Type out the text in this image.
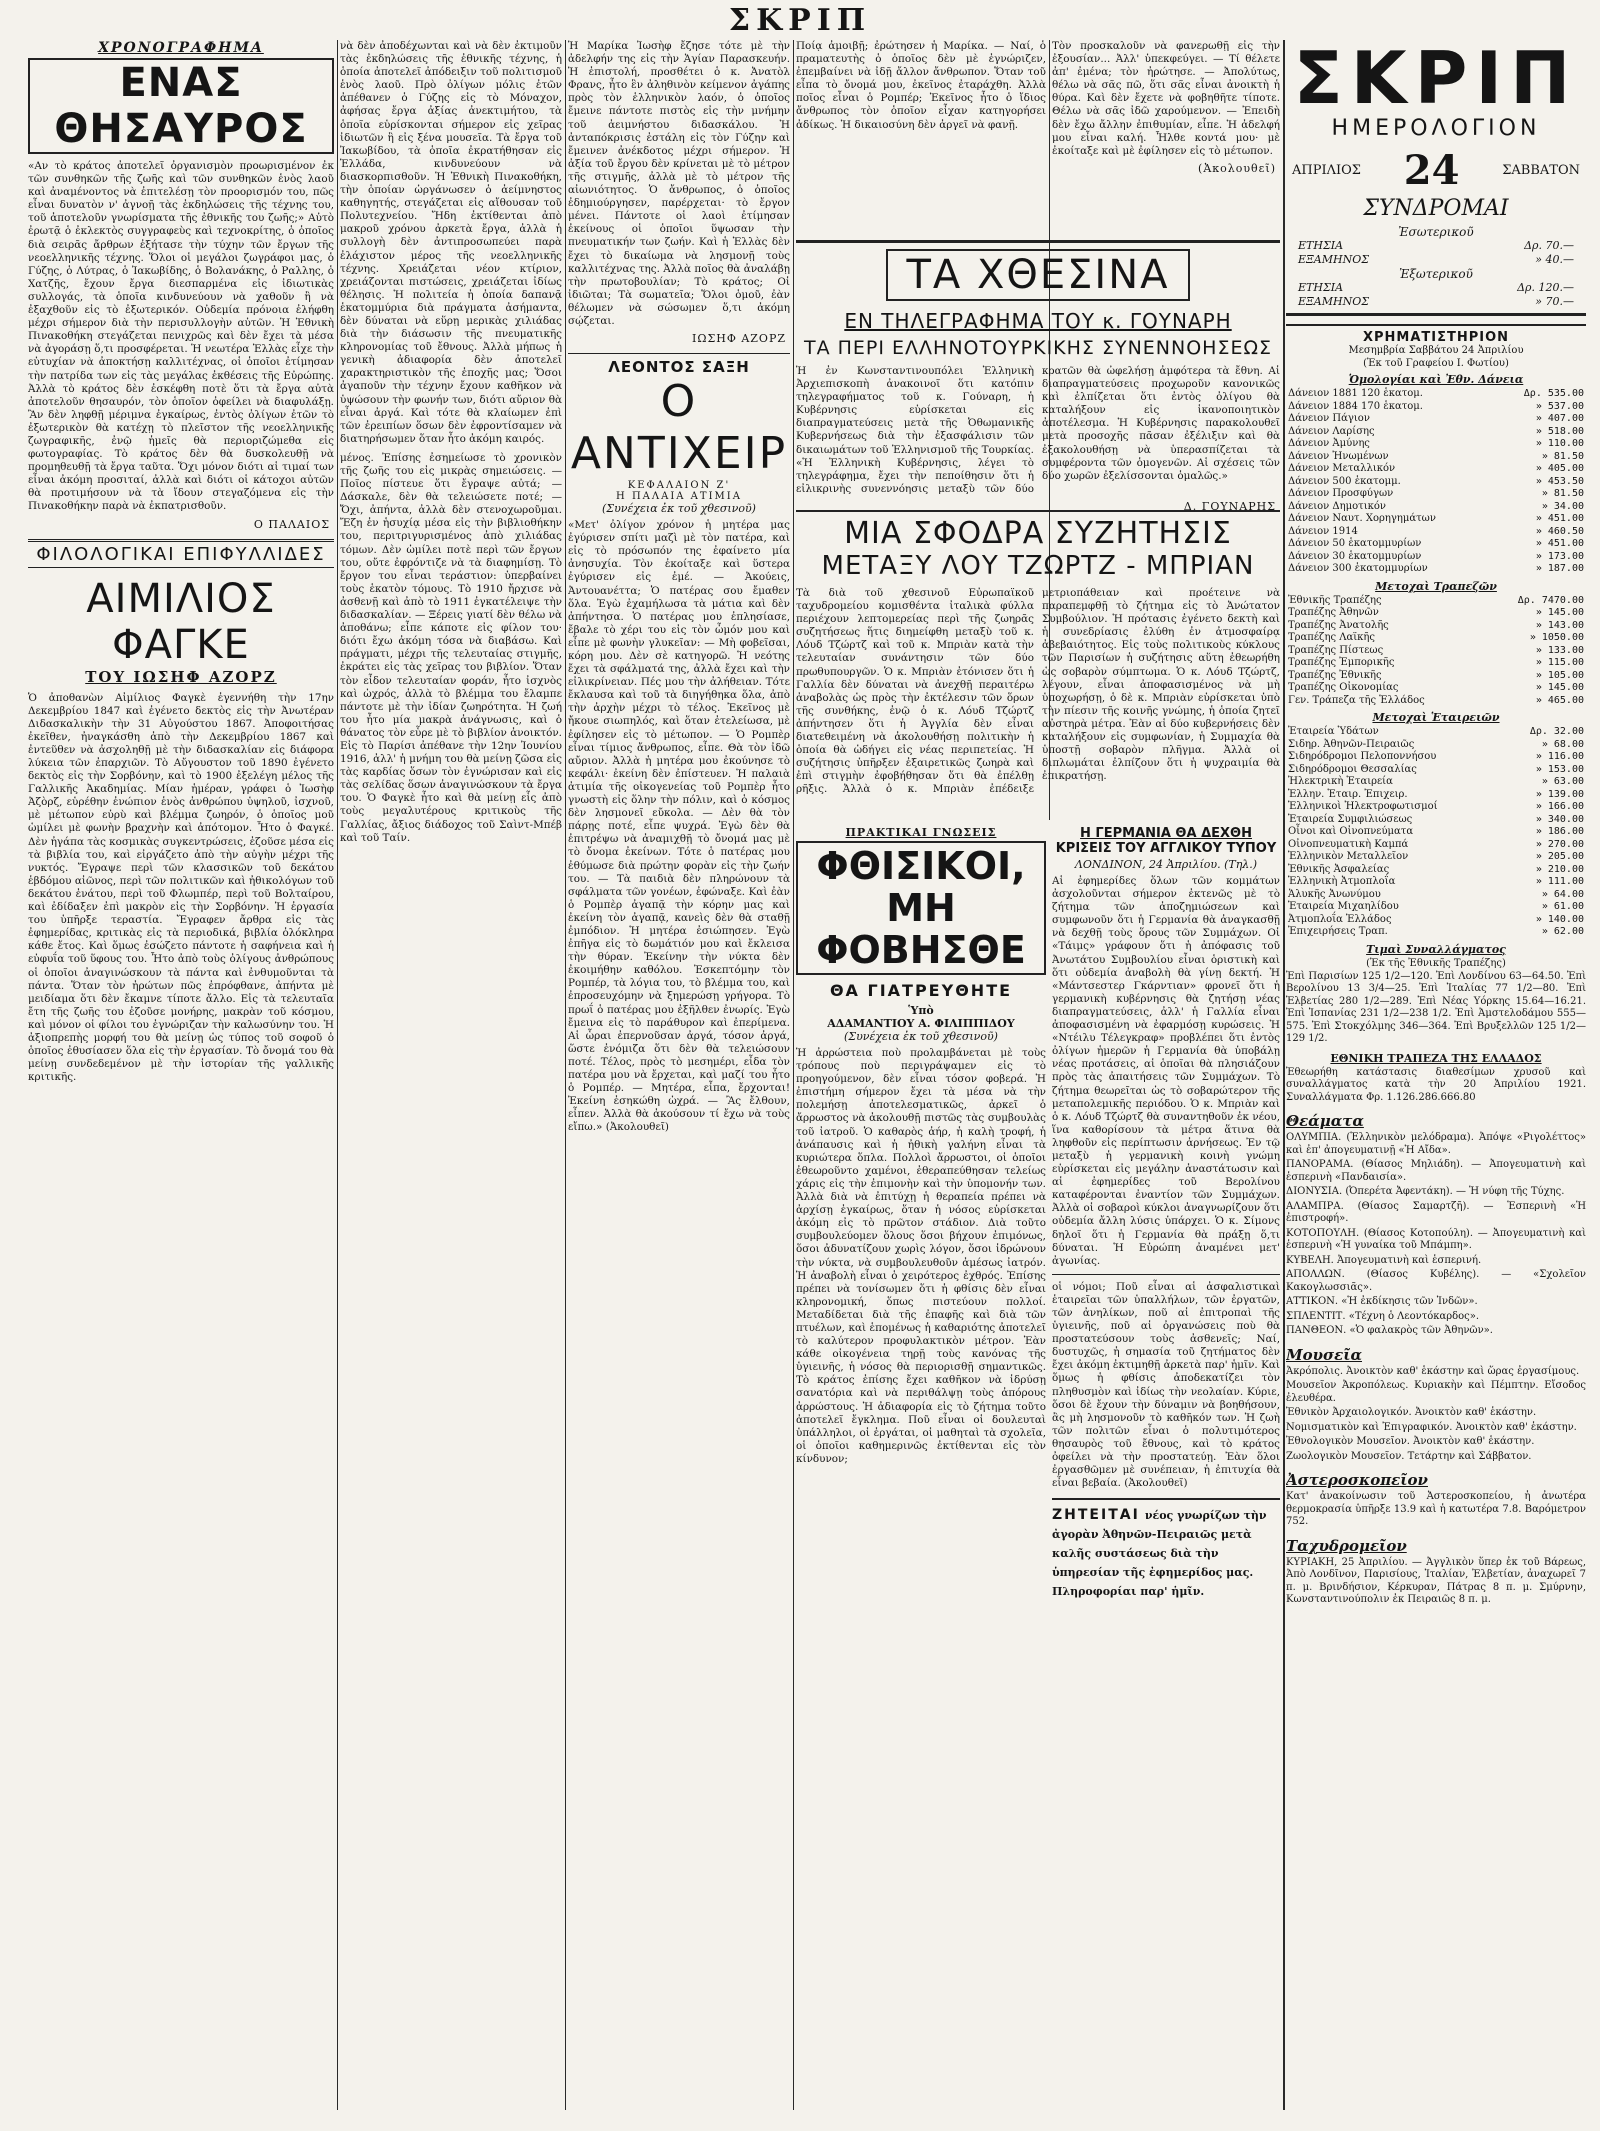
ΣΚΡΙΠ

ΧΡΟΝΟΓΡΑΦΗΜΑ

ΕΝΑΣ ΘΗΣΑΥΡΟΣ

«Αν τὸ κράτος ἀποτελεῖ ὀργανισμὸν προωρισμένον ἐκ τῶν συνθηκῶν τῆς ζωῆς καὶ τῶν συνθηκῶν ἑνὸς λαοῦ καὶ ἀναμένοντος νὰ ἐπιτελέσῃ τὸν προορισμόν του, πῶς εἶναι δυνατὸν ν' ἀγνοῇ τὰς ἐκδηλώσεις τῆς τέχνης του, τοῦ ἀποτελοῦν γνωρίσματα τῆς ἐθνικῆς του ζωῆς;» Αὐτὸ ἐρωτᾷ ὁ ἐκλεκτὸς συγγραφεὺς καὶ τεχνοκρίτης, ὁ ὁποῖος διὰ σειρᾶς ἄρθρων ἐξήτασε τὴν τύχην τῶν ἔργων τῆς νεοελληνικῆς τέχνης. Ὅλοι οἱ μεγάλοι ζωγράφοι μας, ὁ Γύζης, ὁ Λύτρας, ὁ Ἰακωβίδης, ὁ Βολανάκης, ὁ Ραλλης, ὁ Χατζῆς, ἔχουν ἔργα διεσπαρμένα εἰς ἰδιωτικὰς συλλογάς, τὰ ὁποῖα κινδυνεύουν νὰ χαθοῦν ἢ νὰ ἐξαχθοῦν εἰς τὸ ἐξωτερικόν. Οὐδεμία πρόνοια ἐλήφθη μέχρι σήμερον διὰ τὴν περισυλλογὴν αὐτῶν. Ἡ Ἐθνικὴ Πινακοθήκη στεγάζεται πενιχρῶς καὶ δὲν ἔχει τὰ μέσα νὰ ἀγοράσῃ ὅ,τι προσφέρεται. Ἡ νεωτέρα Ἑλλὰς εἶχε τὴν εὐτυχίαν νὰ ἀποκτήσῃ καλλιτέχνας, οἱ ὁποῖοι ἐτίμησαν τὴν πατρίδα των εἰς τὰς μεγάλας ἐκθέσεις τῆς Εὐρώπης. Ἀλλὰ τὸ κράτος δὲν ἐσκέφθη ποτὲ ὅτι τὰ ἔργα αὐτὰ ἀποτελοῦν θησαυρόν, τὸν ὁποῖον ὀφείλει νὰ διαφυλάξῃ. Ἂν δὲν ληφθῇ μέριμνα ἐγκαίρως, ἐντὸς ὀλίγων ἐτῶν τὸ ἐξωτερικὸν θὰ κατέχῃ τὸ πλεῖστον τῆς νεοελληνικῆς ζωγραφικῆς, ἐνῷ ἡμεῖς θὰ περιοριζώμεθα εἰς φωτογραφίας. Τὸ κράτος δὲν θὰ δυσκολευθῇ νὰ προμηθευθῇ τὰ ἔργα ταῦτα. Ὅχι μόνον διότι αἱ τιμαί των εἶναι ἀκόμη προσιταί, ἀλλὰ καὶ διότι οἱ κάτοχοι αὐτῶν θὰ προτιμήσουν νὰ τὰ ἴδουν στεγαζόμενα εἰς τὴν Πινακοθήκην παρὰ νὰ ἐκπατρισθοῦν.

Ο ΠΑΛΑΙΟΣ

ΦΙΛΟΛΟΓΙΚΑΙ ΕΠΙΦΥΛΛΙΔΕΣ
ΑΙΜΙΛΙΟΣ ΦΑΓΚΕ

ΤΟΥ ΙΩΣΗΦ ΑΖΟΡΖ

Ὁ ἀποθανὼν Αἰμίλιος Φαγκὲ ἐγεννήθη τὴν 17ην Δεκεμβρίου 1847 καὶ ἐγένετο δεκτὸς εἰς τὴν Ἀνωτέραν Διδασκαλικὴν τὴν 31 Αὐγούστου 1867. Ἀποφοιτήσας ἐκεῖθεν, ἠναγκάσθη ἀπὸ τὴν Δεκεμβρίου 1867 καὶ ἐντεῦθεν νὰ ἀσχοληθῇ μὲ τὴν διδασκαλίαν εἰς διάφορα λύκεια τῶν ἐπαρχιῶν. Τὸ Αὔγουστον τοῦ 1890 ἐγένετο δεκτὸς εἰς τὴν Σορβόνην, καὶ τὸ 1900 ἐξελέγη μέλος τῆς Γαλλικῆς Ἀκαδημίας. Μίαν ἡμέραν, γράφει ὁ Ἰωσὴφ Ἀζὸρζ, εὑρέθην ἐνώπιον ἑνὸς ἀνθρώπου ὑψηλοῦ, ἰσχνοῦ, μὲ μέτωπον εὐρὺ καὶ βλέμμα ζωηρόν, ὁ ὁποῖος μοῦ ὡμίλει μὲ φωνὴν βραχνὴν καὶ ἀπότομον. Ἦτο ὁ Φαγκέ. Δὲν ἠγάπα τὰς κοσμικὰς συγκεντρώσεις, ἐζοῦσε μέσα εἰς τὰ βιβλία του, καὶ εἰργάζετο ἀπὸ τὴν αὐγὴν μέχρι τῆς νυκτός. Ἔγραψε περὶ τῶν κλασσικῶν τοῦ δεκάτου ἑβδόμου αἰῶνος, περὶ τῶν πολιτικῶν καὶ ἠθικολόγων τοῦ δεκάτου ἐνάτου, περὶ τοῦ Φλωμπέρ, περὶ τοῦ Βολταίρου, καὶ ἐδίδαξεν ἐπὶ μακρὸν εἰς τὴν Σορβόνην. Ἡ ἐργασία του ὑπῆρξε τεραστία. Ἔγραφεν ἄρθρα εἰς τὰς ἐφημερίδας, κριτικὰς εἰς τὰ περιοδικά, βιβλία ὁλόκληρα κάθε ἔτος. Καὶ ὅμως ἐσώζετο πάντοτε ἡ σαφήνεια καὶ ἡ εὐφυΐα τοῦ ὕφους του. Ἦτο ἀπὸ τοὺς ὀλίγους ἀνθρώπους οἱ ὁποῖοι ἀναγινώσκουν τὰ πάντα καὶ ἐνθυμοῦνται τὰ πάντα. Ὅταν τὸν ἠρώτων πῶς ἐπρόφθανε, ἀπήντα μὲ μειδίαμα ὅτι δὲν ἔκαμνε τίποτε ἄλλο. Εἰς τὰ τελευταῖα ἔτη τῆς ζωῆς του ἐζοῦσε μονήρης, μακρὰν τοῦ κόσμου, καὶ μόνον οἱ φίλοι του ἐγνώριζαν τὴν καλωσύνην του. Ἡ ἀξιοπρεπὴς μορφή του θὰ μείνῃ ὡς τύπος τοῦ σοφοῦ ὁ ὁποῖος ἐθυσίασεν ὅλα εἰς τὴν ἐργασίαν. Τὸ ὄνομά του θὰ μείνῃ συνδεδεμένον μὲ τὴν ἱστορίαν τῆς γαλλικῆς κριτικῆς.

νὰ δὲν ἀποδέχωνται καὶ νὰ δὲν ἐκτιμοῦν τὰς ἐκδηλώσεις τῆς ἐθνικῆς τέχνης, ἡ ὁποία ἀποτελεῖ ἀπόδειξιν τοῦ πολιτισμοῦ ἑνὸς λαοῦ. Πρὸ ὀλίγων μόλις ἐτῶν ἀπέθανεν ὁ Γύζης εἰς τὸ Μόναχον, ἀφήσας ἔργα ἀξίας ἀνεκτιμήτου, τὰ ὁποῖα εὑρίσκονται σήμερον εἰς χεῖρας ἰδιωτῶν ἢ εἰς ξένα μουσεῖα. Τὰ ἔργα τοῦ Ἰακωβίδου, τὰ ὁποῖα ἐκρατήθησαν εἰς Ἑλλάδα, κινδυνεύουν νὰ διασκορπισθοῦν. Ἡ Ἐθνικὴ Πινακοθήκη, τὴν ὁποίαν ὠργάνωσεν ὁ ἀείμνηστος καθηγητής, στεγάζεται εἰς αἴθουσαν τοῦ Πολυτεχνείου. Ἤδη ἐκτίθενται ἀπὸ μακροῦ χρόνου ἀρκετὰ ἔργα, ἀλλὰ ἡ συλλογὴ δὲν ἀντιπροσωπεύει παρὰ ἐλάχιστον μέρος τῆς νεοελληνικῆς τέχνης. Χρειάζεται νέον κτίριον, χρειάζονται πιστώσεις, χρειάζεται ἰδίως θέλησις. Ἡ πολιτεία ἡ ὁποία δαπανᾷ ἑκατομμύρια διὰ πράγματα ἀσήμαντα, δὲν δύναται νὰ εὕρῃ μερικὰς χιλιάδας διὰ τὴν διάσωσιν τῆς πνευματικῆς κληρονομίας τοῦ ἔθνους. Ἀλλὰ μήπως ἡ γενικὴ ἀδιαφορία δὲν ἀποτελεῖ χαρακτηριστικὸν τῆς ἐποχῆς μας; Ὅσοι ἀγαποῦν τὴν τέχνην ἔχουν καθῆκον νὰ ὑψώσουν τὴν φωνήν των, διότι αὔριον θὰ εἶναι ἀργά. Καὶ τότε θὰ κλαίωμεν ἐπὶ τῶν ἐρειπίων ὅσων δὲν ἐφροντίσαμεν νὰ διατηρήσωμεν ὅταν ἦτο ἀκόμη καιρός.

μένος. Ἐπίσης ἐσημείωσε τὸ χρονικὸν τῆς ζωῆς του εἰς μικρὰς σημειώσεις. — Ποῖος πίστευε ὅτι ἔγραψε αὐτά; — Δάσκαλε, δὲν θὰ τελειώσετε ποτέ; — Ὄχι, ἀπήντα, ἀλλὰ δὲν στενοχωροῦμαι. Ἔζη ἐν ἡσυχίᾳ μέσα εἰς τὴν βιβλιοθήκην του, περιτριγυρισμένος ἀπὸ χιλιάδας τόμων. Δὲν ὡμίλει ποτὲ περὶ τῶν ἔργων του, οὔτε ἐφρόντιζε νὰ τὰ διαφημίσῃ. Τὸ ἔργον του εἶναι τεράστιον: ὑπερβαίνει τοὺς ἑκατὸν τόμους. Τὸ 1910 ἤρχισε νὰ ἀσθενῇ καὶ ἀπὸ τὸ 1911 ἐγκατέλειψε τὴν διδασκαλίαν. — Ξέρεις γιατί δὲν θέλω νὰ ἀποθάνω; εἶπε κάποτε εἰς φίλον του· διότι ἔχω ἀκόμη τόσα νὰ διαβάσω. Καὶ πράγματι, μέχρι τῆς τελευταίας στιγμῆς, ἐκράτει εἰς τὰς χεῖρας του βιβλίον. Ὅταν τὸν εἶδον τελευταίαν φοράν, ἦτο ἰσχνὸς καὶ ὠχρός, ἀλλὰ τὸ βλέμμα του ἔλαμπε πάντοτε μὲ τὴν ἰδίαν ζωηρότητα. Ἡ ζωή του ἦτο μία μακρὰ ἀνάγνωσις, καὶ ὁ θάνατος τὸν εὗρε μὲ τὸ βιβλίον ἀνοικτόν. Εἰς τὸ Παρίσι ἀπέθανε τὴν 12ην Ἰουνίου 1916, ἀλλ' ἡ μνήμη του θὰ μείνῃ ζῶσα εἰς τὰς καρδίας ὅσων τὸν ἐγνώρισαν καὶ εἰς τὰς σελίδας ὅσων ἀναγινώσκουν τὰ ἔργα του. Ὁ Φαγκὲ ἦτο καὶ θὰ μείνῃ εἷς ἀπὸ τοὺς μεγαλυτέρους κριτικοὺς τῆς Γαλλίας, ἄξιος διάδοχος τοῦ Σαὶντ-Μπέβ καὶ τοῦ Ταίν.

Ἡ Μαρίκα Ἰωσὴφ ἔζησε τότε μὲ τὴν ἀδελφήν της εἰς τὴν Ἁγίαν Παρασκευήν. Ἡ ἐπιστολή, προσθέτει ὁ κ. Ἀνατὸλ Φρανς, ἦτο ἓν ἀληθινὸν κείμενον ἀγάπης πρὸς τὸν ἑλληνικὸν λαόν, ὁ ὁποῖος ἔμεινε πάντοτε πιστὸς εἰς τὴν μνήμην τοῦ ἀειμνήστου διδασκάλου. Ἡ ἀνταπόκρισις ἐστάλη εἰς τὸν Γύζην καὶ ἔμεινεν ἀνέκδοτος μέχρι σήμερον. Ἡ ἀξία τοῦ ἔργου δὲν κρίνεται μὲ τὸ μέτρον τῆς στιγμῆς, ἀλλὰ μὲ τὸ μέτρον τῆς αἰωνιότητος. Ὁ ἄνθρωπος, ὁ ὁποῖος ἐδημιούργησεν, παρέρχεται· τὸ ἔργον μένει. Πάντοτε οἱ λαοὶ ἐτίμησαν ἐκείνους οἱ ὁποῖοι ὕψωσαν τὴν πνευματικήν των ζωήν. Καὶ ἡ Ἑλλὰς δὲν ἔχει τὸ δικαίωμα νὰ λησμονῇ τοὺς καλλιτέχνας της. Ἀλλὰ ποῖος θὰ ἀναλάβῃ τὴν πρωτοβουλίαν; Τὸ κράτος; Οἱ ἰδιῶται; Τὰ σωματεῖα; Ὅλοι ὁμοῦ, ἐὰν θέλωμεν νὰ σώσωμεν ὅ,τι ἀκόμη σῴζεται.

ΙΩΣΗΦ ΑΖΟΡΖ

ΛΕΟΝΤΟΣ ΣΑΞΗ
Ο ΑΝΤΙΧΕΙΡ

ΚΕΦΑΛΑΙΟΝ Ζ'

Η ΠΑΛΑΙΑ ΑΤΙΜΙΑ

(Συνέχεια ἐκ τοῦ χθεσινοῦ)

«Μετ' ὀλίγον χρόνον ἡ μητέρα μας ἐγύρισεν σπίτι μαζὶ μὲ τὸν πατέρα, καὶ εἰς τὸ πρόσωπόν της ἐφαίνετο μία ἀνησυχία. Τὸν ἐκοίταξε καὶ ὕστερα ἐγύρισεν εἰς ἐμέ. — Ἀκούεις, Ἀντουανέττα; Ὁ πατέρας σου ἔμαθεν ὅλα. Ἐγὼ ἐχαμήλωσα τὰ μάτια καὶ δὲν ἀπήντησα. Ὁ πατέρας μου ἐπλησίασε, ἔβαλε τὸ χέρι του εἰς τὸν ὦμόν μου καὶ εἶπε μὲ φωνὴν γλυκεῖαν: — Μὴ φοβεῖσαι, κόρη μου. Δὲν σὲ κατηγορῶ. Ἡ νεότης ἔχει τὰ σφάλματά της, ἀλλὰ ἔχει καὶ τὴν εἰλικρίνειαν. Πές μου τὴν ἀλήθειαν. Τότε ἔκλαυσα καὶ τοῦ τὰ διηγήθηκα ὅλα, ἀπὸ τὴν ἀρχὴν μέχρι τὸ τέλος. Ἐκεῖνος μὲ ἤκουε σιωπηλός, καὶ ὅταν ἐτελείωσα, μὲ ἐφίλησεν εἰς τὸ μέτωπον. — Ὁ Ρομπὲρ εἶναι τίμιος ἄνθρωπος, εἶπε. Θὰ τὸν ἰδῶ αὔριον. Ἀλλὰ ἡ μητέρα μου ἐκούνησε τὸ κεφάλι· ἐκείνη δὲν ἐπίστευεν. Ἡ παλαιὰ ἀτιμία τῆς οἰκογενείας τοῦ Ρομπὲρ ἦτο γνωστὴ εἰς ὅλην τὴν πόλιν, καὶ ὁ κόσμος δὲν λησμονεῖ εὔκολα. — Δὲν θὰ τὸν πάρῃς ποτέ, εἶπε ψυχρά. Ἐγὼ δὲν θὰ ἐπιτρέψω νὰ ἀναμιχθῇ τὸ ὄνομά μας μὲ τὸ ὄνομα ἐκείνων. Τότε ὁ πατέρας μου ἐθύμωσε διὰ πρώτην φορὰν εἰς τὴν ζωήν του. — Τὰ παιδιὰ δὲν πληρώνουν τὰ σφάλματα τῶν γονέων, ἐφώναξε. Καὶ ἐὰν ὁ Ρομπὲρ ἀγαπᾷ τὴν κόρην μας καὶ ἐκείνη τὸν ἀγαπᾷ, κανεὶς δὲν θὰ σταθῇ ἐμπόδιον. Ἡ μητέρα ἐσιώπησεν. Ἐγὼ ἐπῆγα εἰς τὸ δωμάτιόν μου καὶ ἔκλεισα τὴν θύραν. Ἐκείνην τὴν νύκτα δὲν ἐκοιμήθην καθόλου. Ἐσκεπτόμην τὸν Ρομπέρ, τὰ λόγια του, τὸ βλέμμα του, καὶ ἐπροσευχόμην νὰ ξημερώσῃ γρήγορα. Τὸ πρωΐ ὁ πατέρας μου ἐξῆλθεν ἐνωρίς. Ἐγὼ ἔμεινα εἰς τὸ παράθυρον καὶ ἐπερίμενα. Αἱ ὧραι ἐπερνοῦσαν ἀργά, τόσον ἀργά, ὥστε ἐνόμιζα ὅτι δὲν θὰ τελειώσουν ποτέ. Τέλος, πρὸς τὸ μεσημέρι, εἶδα τὸν πατέρα μου νὰ ἔρχεται, καὶ μαζί του ἦτο ὁ Ρομπέρ. — Μητέρα, εἶπα, ἔρχονται! Ἐκείνη ἐσηκώθη ὠχρά. — Ἂς ἔλθουν, εἶπεν. Ἀλλὰ θὰ ἀκούσουν τί ἔχω νὰ τοὺς εἴπω.» (Ἀκολουθεῖ)

Ποίᾳ ἀμοιβῇ; ἐρώτησεν ἡ Μαρίκα. — Ναί, ὁ πραματευτὴς ὁ ὁποῖος δὲν μὲ ἐγνώριζεν, ἐπεμβαίνει νὰ ἰδῇ ἄλλον ἄνθρωπον. Ὅταν τοῦ εἶπα τὸ ὄνομά μου, ἐκεῖνος ἐταράχθη. Ἀλλὰ ποῖος εἶναι ὁ Ρομπέρ; Ἐκεῖνος ἦτο ὁ ἴδιος ἄνθρωπος τὸν ὁποῖον εἶχαν κατηγορήσει ἀδίκως. Ἡ δικαιοσύνη δὲν ἀργεῖ νὰ φανῇ.

Τὸν προσκαλοῦν νὰ φανερωθῇ εἰς τὴν ἐξουσίαν... Ἀλλ' ὑπεκφεύγει. — Τί θέλετε ἀπ' ἐμένα; τὸν ἠρώτησε. — Ἀπολύτως, θέλω νὰ σᾶς πῶ, ὅτι σᾶς εἶναι ἀνοικτὴ ἡ θύρα. Καὶ δὲν ἔχετε νὰ φοβηθῆτε τίποτε. Θέλω νὰ σᾶς ἰδῶ χαρούμενον. — Ἐπειδὴ δὲν ἔχω ἄλλην ἐπιθυμίαν, εἶπε. Ἡ ἀδελφή μου εἶναι καλή. Ἦλθε κοντά μου· μὲ ἐκοίταξε καὶ μὲ ἐφίλησεν εἰς τὸ μέτωπον.

(Ἀκολουθεῖ)

ΤΑ ΧΘΕΣΙΝΑ
ΕΝ ΤΗΛΕΓΡΑΦΗΜΑ ΤΟΥ κ. ΓΟΥΝΑΡΗ
ΤΑ ΠΕΡΙ ΕΛΛΗΝΟΤΟΥΡΚΙΚΗΣ ΣΥΝΕΝΝΟΗΣΕΩΣ

Ἡ ἐν Κωνσταντινουπόλει Ἑλληνικὴ Ἀρχιεπισκοπὴ ἀνακοινοῖ ὅτι κατόπιν τηλεγραφήματος τοῦ κ. Γούναρη, ἡ Κυβέρνησις εὑρίσκεται εἰς διαπραγματεύσεις μετὰ τῆς Ὀθωμανικῆς Κυβερνήσεως διὰ τὴν ἐξασφάλισιν τῶν δικαιωμάτων τοῦ Ἑλληνισμοῦ τῆς Τουρκίας. «Ἡ Ἑλληνικὴ Κυβέρνησις, λέγει τὸ τηλεγράφημα, ἔχει τὴν πεποίθησιν ὅτι ἡ εἰλικρινὴς συνεννόησις μεταξὺ τῶν δύο κρατῶν θὰ ὠφελήσῃ ἀμφότερα τὰ ἔθνη. Αἱ διαπραγματεύσεις προχωροῦν κανονικῶς καὶ ἐλπίζεται ὅτι ἐντὸς ὀλίγου θὰ καταλήξουν εἰς ἱκανοποιητικὸν ἀποτέλεσμα. Ἡ Κυβέρνησις παρακολουθεῖ μετὰ προσοχῆς πᾶσαν ἐξέλιξιν καὶ θὰ ἐξακολουθήσῃ νὰ ὑπερασπίζεται τὰ συμφέροντα τῶν ὁμογενῶν. Αἱ σχέσεις τῶν δύο χωρῶν ἐξελίσσονται ὁμαλῶς.»

Δ. ΓΟΥΝΑΡΗΣ

ΜΙΑ ΣΦΟΔΡΑ ΣΥΖΗΤΗΣΙΣ
ΜΕΤΑΞΥ ΛΟΥ ΤΖΩΡΤΖ - ΜΠΡΙΑΝ

Τὰ διὰ τοῦ χθεσινοῦ Εὐρωπαϊκοῦ ταχυδρομείου κομισθέντα ἰταλικὰ φύλλα περιέχουν λεπτομερείας περὶ τῆς ζωηρᾶς συζητήσεως ἥτις διημείφθη μεταξὺ τοῦ κ. Λόυδ Τζώρτζ καὶ τοῦ κ. Μπριὰν κατὰ τὴν τελευταίαν συνάντησιν τῶν δύο πρωθυπουργῶν. Ὁ κ. Μπριὰν ἐτόνισεν ὅτι ἡ Γαλλία δὲν δύναται νὰ ἀνεχθῇ περαιτέρω ἀναβολὰς ὡς πρὸς τὴν ἐκτέλεσιν τῶν ὅρων τῆς συνθήκης, ἐνῷ ὁ κ. Λόυδ Τζώρτζ ἀπήντησεν ὅτι ἡ Ἀγγλία δὲν εἶναι διατεθειμένη νὰ ἀκολουθήσῃ πολιτικὴν ἡ ὁποία θὰ ὡδήγει εἰς νέας περιπετείας. Ἡ συζήτησις ὑπῆρξεν ἐξαιρετικῶς ζωηρὰ καὶ ἐπὶ στιγμὴν ἐφοβήθησαν ὅτι θὰ ἐπέλθῃ ρῆξις. Ἀλλὰ ὁ κ. Μπριὰν ἐπέδειξε μετριοπάθειαν καὶ προέτεινε νὰ παραπεμφθῇ τὸ ζήτημα εἰς τὸ Ἀνώτατον Συμβούλιον. Ἡ πρότασις ἐγένετο δεκτὴ καὶ ἡ συνεδρίασις ἐλύθη ἐν ἀτμοσφαίρᾳ ἀβεβαιότητος. Εἰς τοὺς πολιτικοὺς κύκλους τῶν Παρισίων ἡ συζήτησις αὕτη ἐθεωρήθη ὡς σοβαρὸν σύμπτωμα. Ὁ κ. Λόυδ Τζώρτζ, λέγουν, εἶναι ἀποφασισμένος νὰ μὴ ὑποχωρήσῃ, ὁ δὲ κ. Μπριὰν εὑρίσκεται ὑπὸ τὴν πίεσιν τῆς κοινῆς γνώμης, ἡ ὁποία ζητεῖ αὐστηρὰ μέτρα. Ἐὰν αἱ δύο κυβερνήσεις δὲν καταλήξουν εἰς συμφωνίαν, ἡ Συμμαχία θὰ ὑποστῇ σοβαρὸν πλῆγμα. Ἀλλὰ οἱ διπλωμάται ἐλπίζουν ὅτι ἡ ψυχραιμία θὰ ἐπικρατήσῃ.

ΠΡΑΚΤΙΚΑΙ ΓΝΩΣΕΙΣ

ΦΘΙΣΙΚΟΙ,
ΜΗ ΦΟΒΗΣΘΕ
ΘΑ ΓΙΑΤΡΕΥΘΗΤΕ

Ὑπὸ

ΑΔΑΜΑΝΤΙΟΥ Α. ΦΙΛΙΠΠΙΔΟΥ

(Συνέχεια ἐκ τοῦ χθεσινοῦ)

Ἡ ἀρρώστεια ποὺ προλαμβάνεται μὲ τοὺς τρόπους ποὺ περιγράψαμεν εἰς τὸ προηγούμενον, δὲν εἶναι τόσον φοβερά. Ἡ ἐπιστήμη σήμερον ἔχει τὰ μέσα νὰ τὴν πολεμήσῃ ἀποτελεσματικῶς, ἀρκεῖ ὁ ἄρρωστος νὰ ἀκολουθῇ πιστῶς τὰς συμβουλὰς τοῦ ἰατροῦ. Ὁ καθαρὸς ἀήρ, ἡ καλὴ τροφή, ἡ ἀνάπαυσις καὶ ἡ ἠθικὴ γαλήνη εἶναι τὰ κυριώτερα ὅπλα. Πολλοὶ ἄρρωστοι, οἱ ὁποῖοι ἐθεωροῦντο χαμένοι, ἐθεραπεύθησαν τελείως χάρις εἰς τὴν ἐπιμονὴν καὶ τὴν ὑπομονήν των. Ἀλλὰ διὰ νὰ ἐπιτύχῃ ἡ θεραπεία πρέπει νὰ ἀρχίσῃ ἐγκαίρως, ὅταν ἡ νόσος εὑρίσκεται ἀκόμη εἰς τὸ πρῶτον στάδιον. Διὰ τοῦτο συμβουλεύομεν ὅλους ὅσοι βήχουν ἐπιμόνως, ὅσοι ἀδυνατίζουν χωρὶς λόγον, ὅσοι ἱδρώνουν τὴν νύκτα, νὰ συμβουλευθοῦν ἀμέσως ἰατρόν. Ἡ ἀναβολὴ εἶναι ὁ χειρότερος ἐχθρός. Ἐπίσης πρέπει νὰ τονίσωμεν ὅτι ἡ φθίσις δὲν εἶναι κληρονομική, ὅπως πιστεύουν πολλοί. Μεταδίδεται διὰ τῆς ἐπαφῆς καὶ διὰ τῶν πτυέλων, καὶ ἑπομένως ἡ καθαριότης ἀποτελεῖ τὸ καλύτερον προφυλακτικὸν μέτρον. Ἐὰν κάθε οἰκογένεια τηρῇ τοὺς κανόνας τῆς ὑγιεινῆς, ἡ νόσος θὰ περιορισθῇ σημαντικῶς. Τὸ κράτος ἐπίσης ἔχει καθῆκον νὰ ἱδρύσῃ σανατόρια καὶ νὰ περιθάλψῃ τοὺς ἀπόρους ἀρρώστους. Ἡ ἀδιαφορία εἰς τὸ ζήτημα τοῦτο ἀποτελεῖ ἔγκλημα. Ποῦ εἶναι οἱ δουλευταὶ ὑπάλληλοι, οἱ ἐργάται, οἱ μαθηταὶ τὰ σχολεῖα, οἱ ὁποῖοι καθημερινῶς ἐκτίθενται εἰς τὸν κίνδυνον;

Η ΓΕΡΜΑΝΙΑ ΘΑ ΔΕΧΘΗ
ΚΡΙΣΕΙΣ ΤΟΥ ΑΓΓΛΙΚΟΥ ΤΥΠΟΥ

ΛΟΝΔΙΝΟΝ, 24 Ἀπριλίου. (Τηλ.)

Αἱ ἐφημερίδες ὅλων τῶν κομμάτων ἀσχολοῦνται σήμερον ἐκτενῶς μὲ τὸ ζήτημα τῶν ἀποζημιώσεων καὶ συμφωνοῦν ὅτι ἡ Γερμανία θὰ ἀναγκασθῇ νὰ δεχθῇ τοὺς ὅρους τῶν Συμμάχων. Οἱ «Τάιμς» γράφουν ὅτι ἡ ἀπόφασις τοῦ Ἀνωτάτου Συμβουλίου εἶναι ὁριστικὴ καὶ ὅτι οὐδεμία ἀναβολὴ θὰ γίνῃ δεκτή. Ἡ «Μάντσεστερ Γκάρντιαν» φρονεῖ ὅτι ἡ γερμανικὴ κυβέρνησις θὰ ζητήσῃ νέας διαπραγματεύσεις, ἀλλ' ἡ Γαλλία εἶναι ἀποφασισμένη νὰ ἐφαρμόσῃ κυρώσεις. Ἡ «Ντέιλυ Τέλεγκραφ» προβλέπει ὅτι ἐντὸς ὀλίγων ἡμερῶν ἡ Γερμανία θὰ ὑποβάλῃ νέας προτάσεις, αἱ ὁποῖαι θὰ πλησιάζουν πρὸς τὰς ἀπαιτήσεις τῶν Συμμάχων. Τὸ ζήτημα θεωρεῖται ὡς τὸ σοβαρώτερον τῆς μεταπολεμικῆς περιόδου. Ὁ κ. Μπριὰν καὶ ὁ κ. Λόυδ Τζώρτζ θὰ συναντηθοῦν ἐκ νέου, ἵνα καθορίσουν τὰ μέτρα ἅτινα θὰ ληφθοῦν εἰς περίπτωσιν ἀρνήσεως. Ἐν τῷ μεταξὺ ἡ γερμανικὴ κοινὴ γνώμη εὑρίσκεται εἰς μεγάλην ἀναστάτωσιν καὶ αἱ ἐφημερίδες τοῦ Βερολίνου καταφέρονται ἐναντίον τῶν Συμμάχων. Ἀλλὰ οἱ σοβαροὶ κύκλοι ἀναγνωρίζουν ὅτι οὐδεμία ἄλλη λύσις ὑπάρχει. Ὁ κ. Σίμονς δηλοῖ ὅτι ἡ Γερμανία θὰ πράξῃ ὅ,τι δύναται. Ἡ Εὐρώπη ἀναμένει μετ' ἀγωνίας.

οἱ νόμοι; Ποῦ εἶναι αἱ ἀσφαλιστικαὶ ἑταιρεῖαι τῶν ὑπαλλήλων, τῶν ἐργατῶν, τῶν ἀνηλίκων, ποῦ αἱ ἐπιτροπαὶ τῆς ὑγιεινῆς, ποῦ αἱ ὀργανώσεις ποὺ θὰ προστατεύσουν τοὺς ἀσθενεῖς; Ναί, δυστυχῶς, ἡ σημασία τοῦ ζητήματος δὲν ἔχει ἀκόμη ἐκτιμηθῇ ἀρκετὰ παρ' ἡμῖν. Καὶ ὅμως ἡ φθίσις ἀποδεκατίζει τὸν πληθυσμὸν καὶ ἰδίως τὴν νεολαίαν. Κύριε, ὅσοι δὲ ἔχουν τὴν δύναμιν νὰ βοηθήσουν, ἂς μὴ λησμονοῦν τὸ καθῆκόν των. Ἡ ζωὴ τῶν πολιτῶν εἶναι ὁ πολυτιμότερος θησαυρὸς τοῦ ἔθνους, καὶ τὸ κράτος ὀφείλει νὰ τὴν προστατεύῃ. Ἐὰν ὅλοι ἐργασθῶμεν μὲ συνέπειαν, ἡ ἐπιτυχία θὰ εἶναι βεβαία. (Ἀκολουθεῖ)

ΖΗΤΕΙΤΑΙ νέος γνωρίζων τὴν ἀγορὰν Ἀθηνῶν-Πειραιῶς μετὰ καλῆς συστάσεως διὰ τὴν ὑπηρεσίαν τῆς ἐφημερίδος μας. Πληροφορίαι παρ' ἡμῖν.
ΣΚΡΙΠ
ΗΜΕΡΟΛΟΓΙΟΝ
ΑΠΡΙΛΙΟΣ 24	ΣΑΒΒΑΤΟΝ
ΣΥΝΔΡΟΜΑΙ

Ἐσωτερικοῦ

ΕΤΗΣΙΑ	Δρ. 70.—
ΕΞΑΜΗΝΟΣ	» 40.—

Ἐξωτερικοῦ

ΕΤΗΣΙΑ	Δρ. 120.—
ΕΞΑΜΗΝΟΣ	» 70.—
ΧΡΗΜΑΤΙΣΤΗΡΙΟΝ

Μεσημβρία Σαββάτου 24 Ἀπριλίου

(Ἐκ τοῦ Γραφείου Ι. Φωτίου)

Ὁμολογίαι καὶ Ἐθν. Δάνεια

Δάνειον 1881 120 ἑκατομ.	Δρ. 535.00
Δάνειον 1884 170 ἑκατομ.	» 537.00
Δάνειον Πάγιον	» 407.00
Δάνειον Λαρίσης	» 518.00
Δάνειον Ἀμύνης	» 110.00
Δάνειον Ἠνωμένων	» 81.50
Δάνειον Μεταλλικόν	» 405.00
Δάνειον 500 ἑκατομμ.	» 453.50
Δάνειον Προσφύγων	» 81.50
Δάνειον Δημοτικόν	» 34.00
Δάνειον Ναυτ. Χορηγημάτων	» 451.00
Δάνειον 1914	» 460.50
Δάνειον 50 ἑκατομμυρίων	» 451.00
Δάνειον 30 ἑκατομμυρίων	» 173.00
Δάνειον 300 ἑκατομμυρίων	» 187.00

Μετοχαὶ Τραπεζῶν

Ἐθνικῆς Τραπέζης	Δρ. 7470.00
Τραπέζης Ἀθηνῶν	» 145.00
Τραπέζης Ἀνατολῆς	» 143.00
Τραπέζης Λαϊκῆς	» 1050.00
Τραπέζης Πίστεως	» 133.00
Τραπέζης Ἐμπορικῆς	» 115.00
Τραπέζης Ἐθνικῆς	» 105.00
Τραπέζης Οἰκονομίας	» 145.00
Γεν. Τράπεζα τῆς Ἑλλάδος	» 465.00

Μετοχαὶ Ἑταιρειῶν

Ἐταιρεία Ὑδάτων	Δρ. 32.00
Σιδηρ. Ἀθηνῶν-Πειραιῶς	» 68.00
Σιδηρόδρομοι Πελοποννήσου	» 116.00
Σιδηρόδρομοι Θεσσαλίας	» 153.00
Ἠλεκτρικὴ Ἑταιρεία	» 63.00
Ἑλλην. Ἑταιρ. Ἐπιχειρ.	» 139.00
Ἑλληνικοὶ Ἠλεκτροφωτισμοί	» 166.00
Ἑταιρεία Συμφιλιώσεως	» 340.00
Οἶνοι καὶ Οἰνοπνεύματα	» 186.00
Οἰνοπνευματικὴ Καμπά	» 270.00
Ἑλληνικὸν Μεταλλεῖον	» 205.00
Ἐθνικῆς Ἀσφαλείας	» 210.00
Ἑλληνικὴ Ἀτμοπλοΐα	» 111.00
Ἁλυκῆς Ἀνωνύμου	» 64.00
Ἑταιρεία Μιχαηλίδου	» 61.00
Ἀτμοπλοΐα Ἑλλάδος	» 140.00
Ἐπιχειρήσεις Τραπ.	» 62.00

Τιμαὶ Συναλλάγματος

(Ἐκ τῆς Ἐθνικῆς Τραπέζης)

Ἐπὶ Παρισίων 125 1/2—120. Ἐπὶ Λονδίνου 63—64.50. Ἐπὶ Βερολίνου 13 3/4—25. Ἐπὶ Ἰταλίας 77 1/2—80. Ἐπὶ Ἑλβετίας 280 1/2—289. Ἐπὶ Νέας Υόρκης 15.64—16.21. Ἐπὶ Ἱσπανίας 231 1/2—238 1/2. Ἐπὶ Ἀμστελοδάμου 555—575. Ἐπὶ Στοκχόλμης 346—364. Ἐπὶ Βρυξελλῶν 125 1/2—129 1/2.

ΕΘΝΙΚΗ ΤΡΑΠΕΖΑ ΤΗΣ ΕΛΛΑΔΟΣ

Ἐθεωρήθη κατάστασις διαθεσίμων χρυσοῦ καὶ συναλλάγματος κατὰ τὴν 20 Ἀπριλίου 1921. Συναλλάγματα Φρ. 1.126.286.666.80

Θεάματα

ΟΛΥΜΠΙΑ. (Ἑλληνικὸν μελόδραμα). Ἀπόψε «Ριγολέττος» καὶ ἐπ' ἀπογευματινῇ «Ἡ Αἴδα».

ΠΑΝΟΡΑΜΑ. (Θίασος Μηλιάδη). — Ἀπογευματινὴ καὶ ἑσπερινὴ «Πανδαισία».

ΔΙΟΝΥΣΙΑ. (Ὀπερέτα Ἀφεντάκη). — Ἡ νύφη τῆς Τύχης.

ΑΛΑΜΠΡΑ. (Θίασος Σαμαρτζῆ). — Ἑσπερινὴ «Ἡ ἐπιστροφή».

ΚΟΤΟΠΟΥΛΗ. (Θίασος Κοτοπούλη). — Ἀπογευματινὴ καὶ ἑσπερινὴ «Ἡ γυναίκα τοῦ Μπάμπη».

ΚΥΒΕΛΗ. Ἀπογευματινὴ καὶ ἑσπερινή.

ΑΠΟΛΛΩΝ. (Θίασος Κυβέλης). — «Σχολεῖον Κακογλωσσιᾶς».

ΑΤΤΙΚΟΝ. «Ἡ ἐκδίκησις τῶν Ἰνδῶν».

ΣΠΛΕΝΤΙΤ. «Τέχνη ὁ Λεοντόκαρδος».

ΠΑΝΘΕΟΝ. «Ὁ φαλακρὸς τῶν Ἀθηνῶν».

Μουσεῖα

Ἀκρόπολις. Ἀνοικτὸν καθ' ἑκάστην καὶ ὥρας ἐργασίμους.

Μουσεῖον Ἀκροπόλεως. Κυριακὴν καὶ Πέμπτην. Εἴσοδος ἐλευθέρα.

Ἐθνικὸν Ἀρχαιολογικόν. Ἀνοικτὸν καθ' ἑκάστην.

Νομισματικὸν καὶ Ἐπιγραφικόν. Ἀνοικτὸν καθ' ἑκάστην.

Ἐθνολογικὸν Μουσεῖον. Ἀνοικτὸν καθ' ἑκάστην.

Ζωολογικὸν Μουσεῖον. Τετάρτην καὶ Σάββατον.

Ἀστεροσκοπεῖον

Κατ' ἀνακοίνωσιν τοῦ Ἀστεροσκοπείου, ἡ ἀνωτέρα θερμοκρασία ὑπῆρξε 13.9 καὶ ἡ κατωτέρα 7.8. Βαρόμετρον 752.

Ταχυδρομεῖον

ΚΥΡΙΑΚΗ, 25 Ἀπριλίου. — Ἀγγλικὸν ὕπερ ἐκ τοῦ Βάρεως, Ἀπὸ Λονδῖνον, Παρισίους, Ἰταλίαν, Ἐλβετίαν, ἀναχωρεῖ 7 π. μ. Βρινδήσιον, Κέρκυραν, Πάτρας 8 π. μ. Σμύρνην, Κωνσταντινούπολιν ἐκ Πειραιῶς 8 π. μ.
